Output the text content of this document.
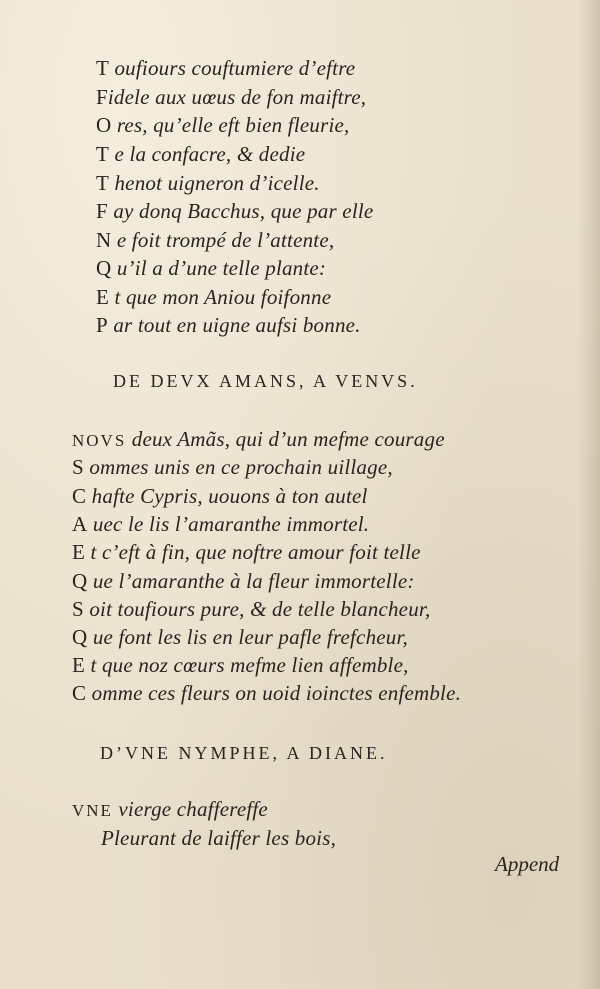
T oufiours couftumiere d’eftre
Fidele aux uœus de fon maiftre,
O res, qu’elle eft bien fleurie,
T e la confacre, & dedie
T henot uigneron d’icelle.
F ay donq Bacchus, que par elle
N e foit trompé de l’attente,
Q u’il a d’une telle plante:
E t que mon Aniou foifonne
P ar tout en uigne aufsi bonne.
DE DEVX AMANS, A VENVS.
NOVS deux Amãs, qui d’un mefme courage
S ommes unis en ce prochain uillage,
C hafte Cypris, uouons à ton autel
A uec le lis l’amaranthe immortel.
E t c’eft à fin, que noftre amour foit telle
Q ue l’amaranthe à la fleur immortelle:
S oit toufiours pure, & de telle blancheur,
Q ue font les lis en leur pafle frefcheur,
E t que noz cœurs mefme lien affemble,
C omme ces fleurs on uoid ioinctes enfemble.
D’VNE NYMPHE, A DIANE.
VNE vierge chaffereffe
Pleurant de laiffer les bois,
Append
